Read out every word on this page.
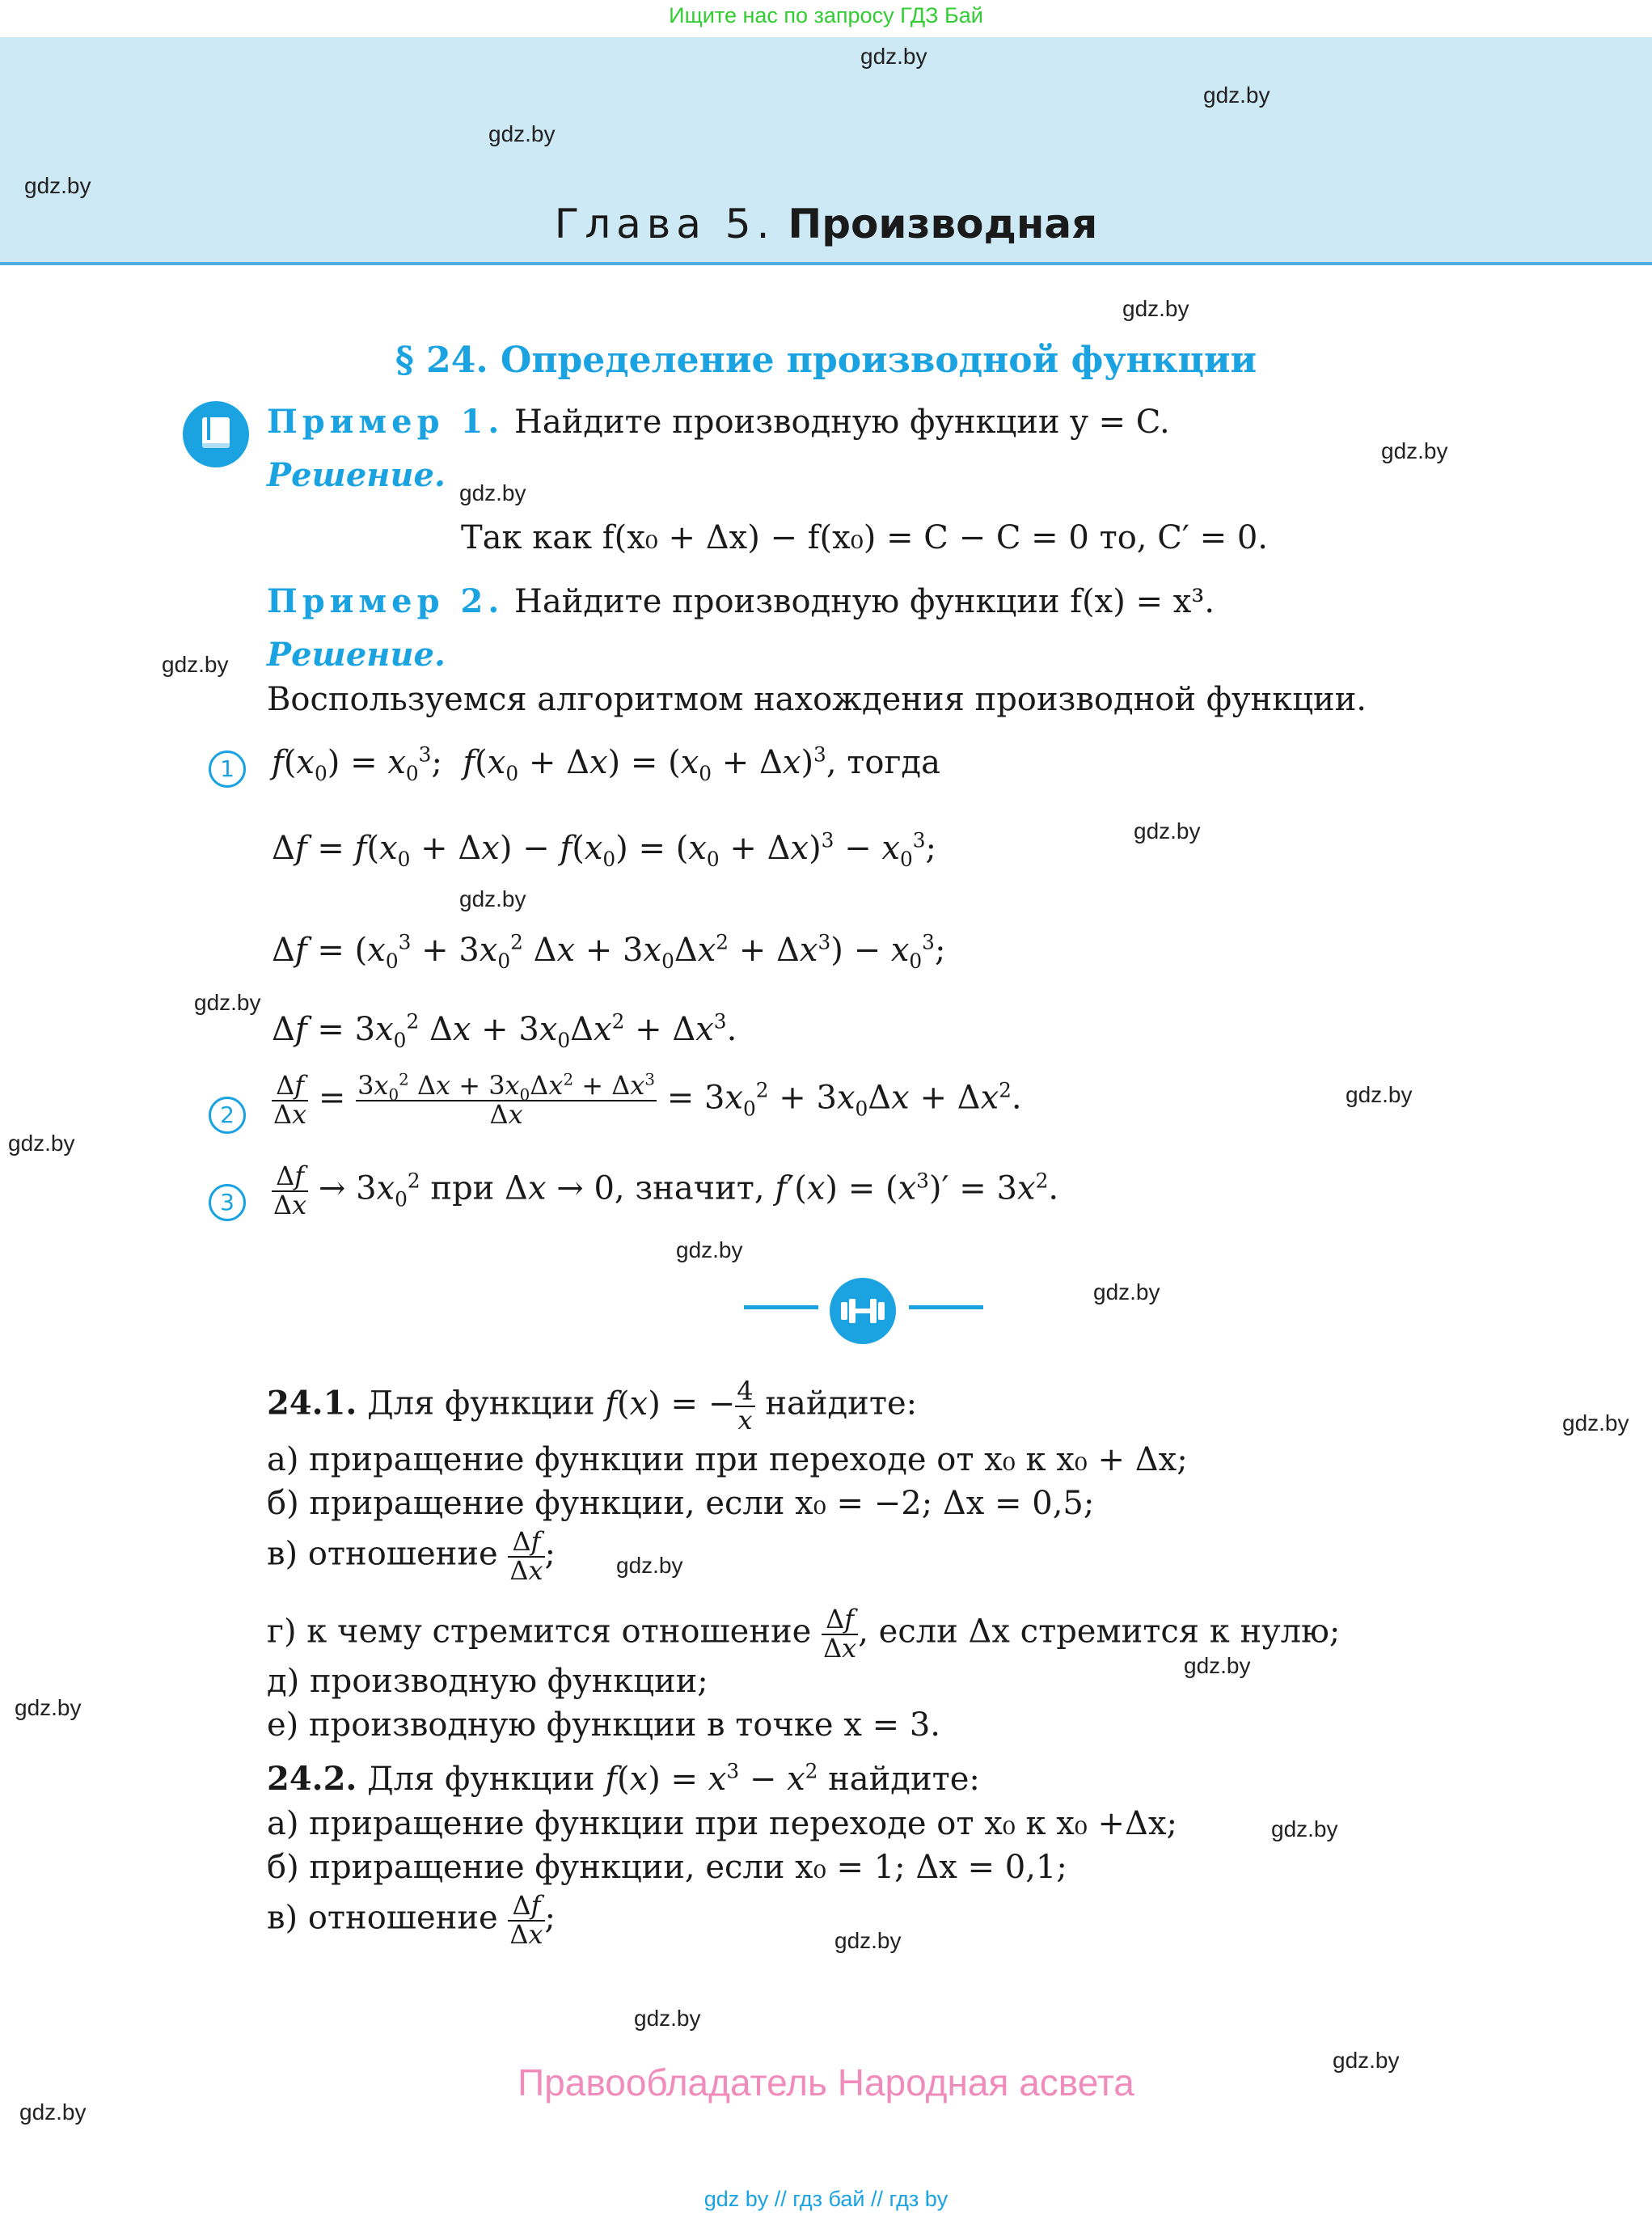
Ищите нас по запросу ГДЗ Бай
gdz.by
gdz.by
gdz.by
gdz.by
Глава 5. Производная
gdz.by
§ 24. Определение производной функции
Пример 1. Найдите производную функции y = C.
Решение.
gdz.by
gdz.by
Так как f(x₀ + Δx) − f(x₀) = C − C = 0 то, C′ = 0.
Пример 2. Найдите производную функции f(x) = x³.
gdz.by Решение.
Воспользуемся алгоритмом нахождения производной функции.
1	$f(x_0) = x_0^3$;  $f(x_0 + \Delta x) = (x_0 + \Delta x)^3$, тогда
gdz.by
$\Delta f = f(x_0 + \Delta x) - f(x_0) = (x_0 + \Delta x)^3 - x_0^3$;
gdz.by
$\Delta f = (x_0^3 + 3x_0^2$ $\Delta x + 3x_0\Delta x^2 + \Delta x^3) - x_0^3$;
gdz.by
$\Delta f = 3x_0^2$ $\Delta x + 3x_0\Delta x^2 + \Delta x^3$.
2
gdz.by
gdz.by
$\frac{\Delta f}{\Delta x} = \frac{3x_0^2 \Delta x + 3x_0\Delta x^2 + \Delta x^3}{\Delta x} = 3x_0^2 + 3x_0\Delta x + \Delta x^2$.
3	$\frac{\Delta f}{\Delta x} \to 3x_0^2$ при Δx → 0, значит, $f'(x) = (x^3)' = 3x^2$.
gdz.by
gdz.by
24.1. Для функции f(x) = − $\frac{4}{x}$ найдите:
gdz.by
а) приращение функции при переходе от x₀ к x₀ + Δx;
б) приращение функции, если x₀ = −2; Δx = 0,5;
в) отношение $\frac{\Delta f}{\Delta x}$ ;	gdz.by
г) к чему стремится отношение $\frac{\Delta f}{\Delta x}$ , если Δx стремится к нулю;
gdz.by
д) производную функции;
gdz.by	е) производную функции в точке x = 3.
24.2. Для функции $f(x) = x^3 - x^2$ найдите:
а) приращение функции при переходе от x₀ к x₀ +Δx;	gdz.by
б) приращение функции, если x₀ = 1; Δx = 0,1;
в) отношение $\frac{\Delta f}{\Delta x}$ ;
gdz.by
gdz.by
gdz.by
gdz.by
Правообладатель Народная асвета
gdz by // гдз бай // гдз by
